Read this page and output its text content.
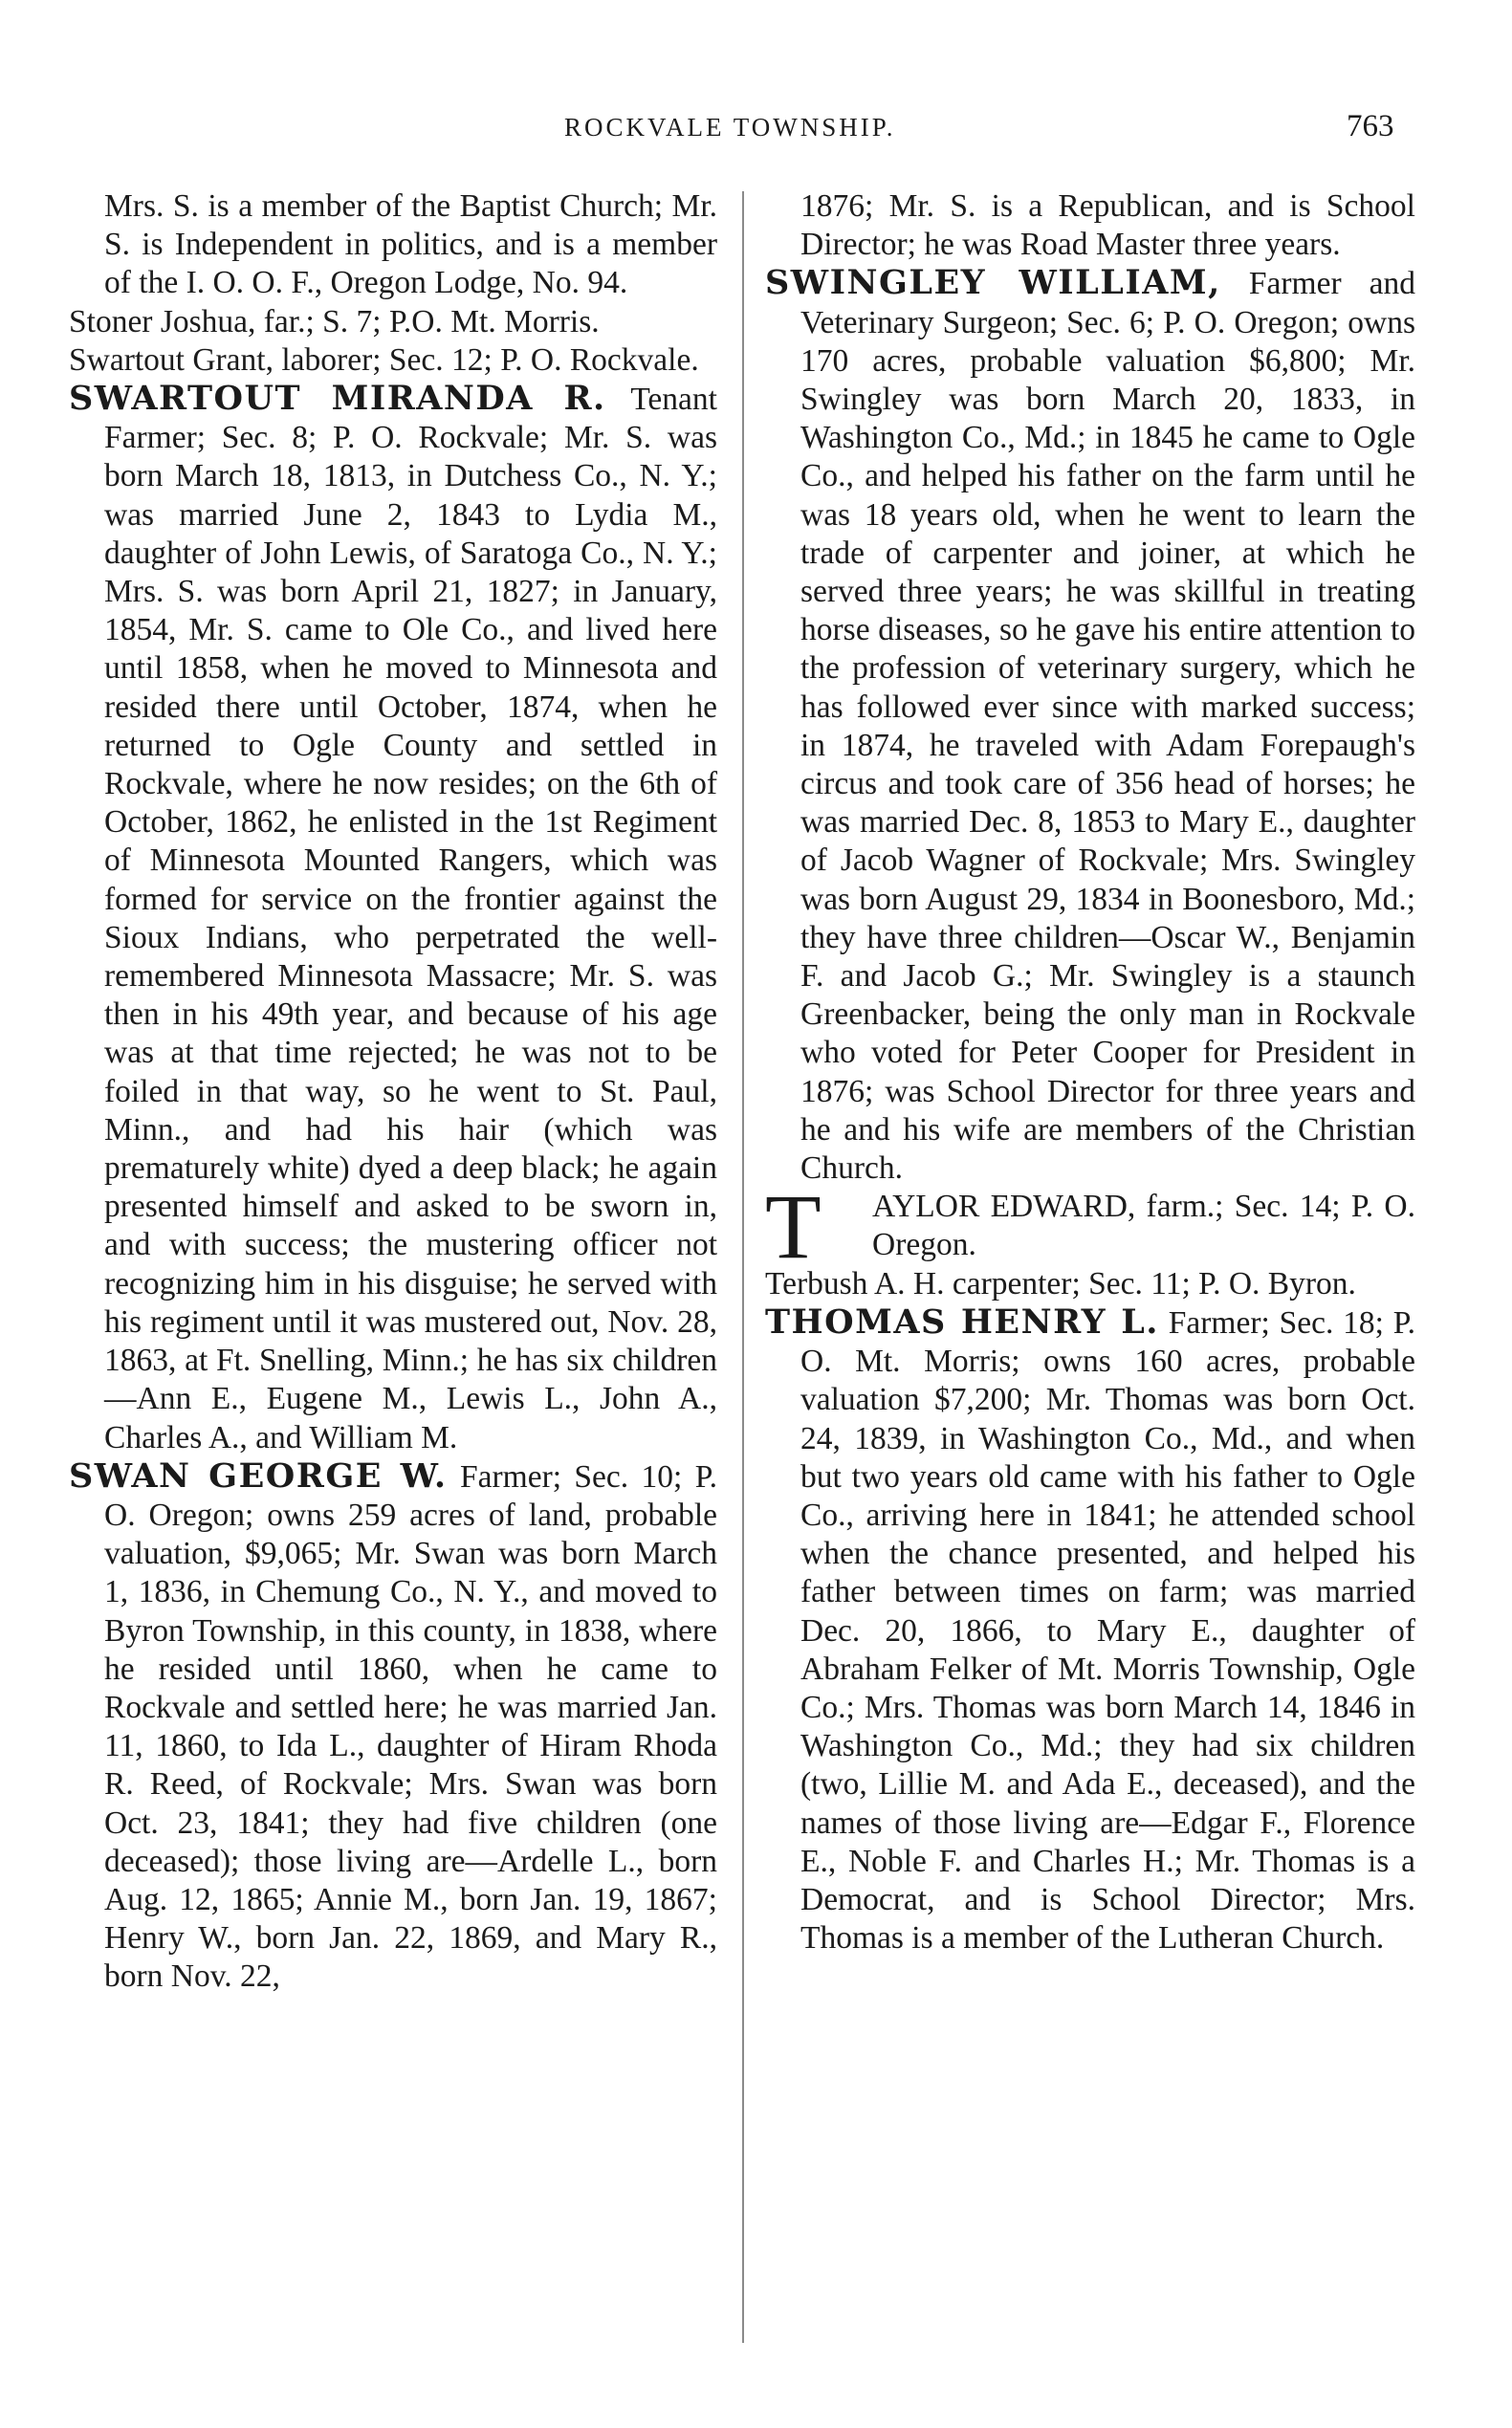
ROCKVALE TOWNSHIP.	763

Mrs. S. is a member of the Baptist Church; Mr. S. is Independent in politics, and is a member of the I. O. O. F., Oregon Lodge, No. 94.

Stoner Joshua, far.; S. 7; P.O. Mt. Morris.

Swartout Grant, laborer; Sec. 12; P. O. Rockvale.

SWARTOUT MIRANDA R. Tenant Farmer; Sec. 8; P. O. Rockvale; Mr. S. was born March 18, 1813, in Dutchess Co., N. Y.; was married June 2, 1843 to Lydia M., daughter of John Lewis, of Saratoga Co., N. Y.; Mrs. S. was born April 21, 1827; in January, 1854, Mr. S. came to Ole Co., and lived here until 1858, when he moved to Minnesota and resided there until October, 1874, when he returned to Ogle County and settled in Rockvale, where he now resides; on the 6th of October, 1862, he enlisted in the 1st Regiment of Minnesota Mounted Rangers, which was formed for service on the frontier against the Sioux Indians, who perpetrated the well-remembered Minnesota Massacre; Mr. S. was then in his 49th year, and because of his age was at that time rejected; he was not to be foiled in that way, so he went to St. Paul, Minn., and had his hair (which was prematurely white) dyed a deep black; he again presented himself and asked to be sworn in, and with success; the mustering officer not recognizing him in his disguise; he served with his regiment until it was mustered out, Nov. 28, 1863, at Ft. Snelling, Minn.; he has six children—Ann E., Eugene M., Lewis L., John A., Charles A., and William M.

SWAN GEORGE W. Farmer; Sec. 10; P. O. Oregon; owns 259 acres of land, probable valuation, $9,065; Mr. Swan was born March 1, 1836, in Chemung Co., N. Y., and moved to Byron Township, in this county, in 1838, where he resided until 1860, when he came to Rockvale and settled here; he was married Jan. 11, 1860, to Ida L., daughter of Hiram Rhoda R. Reed, of Rockvale; Mrs. Swan was born Oct. 23, 1841; they had five children (one deceased); those living are—Ardelle L., born Aug. 12, 1865; Annie M., born Jan. 19, 1867; Henry W., born Jan. 22, 1869, and Mary R., born Nov. 22,

1876; Mr. S. is a Republican, and is School Director; he was Road Master three years.

SWINGLEY WILLIAM, Farmer and Veterinary Surgeon; Sec. 6; P. O. Oregon; owns 170 acres, probable valuation $6,800; Mr. Swingley was born March 20, 1833, in Washington Co., Md.; in 1845 he came to Ogle Co., and helped his father on the farm until he was 18 years old, when he went to learn the trade of carpenter and joiner, at which he served three years; he was skillful in treating horse diseases, so he gave his entire attention to the profession of veterinary surgery, which he has followed ever since with marked success; in 1874, he traveled with Adam Forepaugh's circus and took care of 356 head of horses; he was married Dec. 8, 1853 to Mary E., daughter of Jacob Wagner of Rockvale; Mrs. Swingley was born August 29, 1834 in Boonesboro, Md.; they have three children—Oscar W., Benjamin F. and Jacob G.; Mr. Swingley is a staunch Greenbacker, being the only man in Rockvale who voted for Peter Cooper for President in 1876; was School Director for three years and he and his wife are members of the Christian Church.

T AYLOR EDWARD, farm.; Sec. 14; P. O. Oregon.

Terbush A. H. carpenter; Sec. 11; P. O. Byron.

THOMAS HENRY L. Farmer; Sec. 18; P. O. Mt. Morris; owns 160 acres, probable valuation $7,200; Mr. Thomas was born Oct. 24, 1839, in Washington Co., Md., and when but two years old came with his father to Ogle Co., arriving here in 1841; he attended school when the chance presented, and helped his father between times on farm; was married Dec. 20, 1866, to Mary E., daughter of Abraham Felker of Mt. Morris Township, Ogle Co.; Mrs. Thomas was born March 14, 1846 in Washington Co., Md.; they had six children (two, Lillie M. and Ada E., deceased), and the names of those living are—Edgar F., Florence E., Noble F. and Charles H.; Mr. Thomas is a Democrat, and is School Director; Mrs. Thomas is a member of the Lutheran Church.
